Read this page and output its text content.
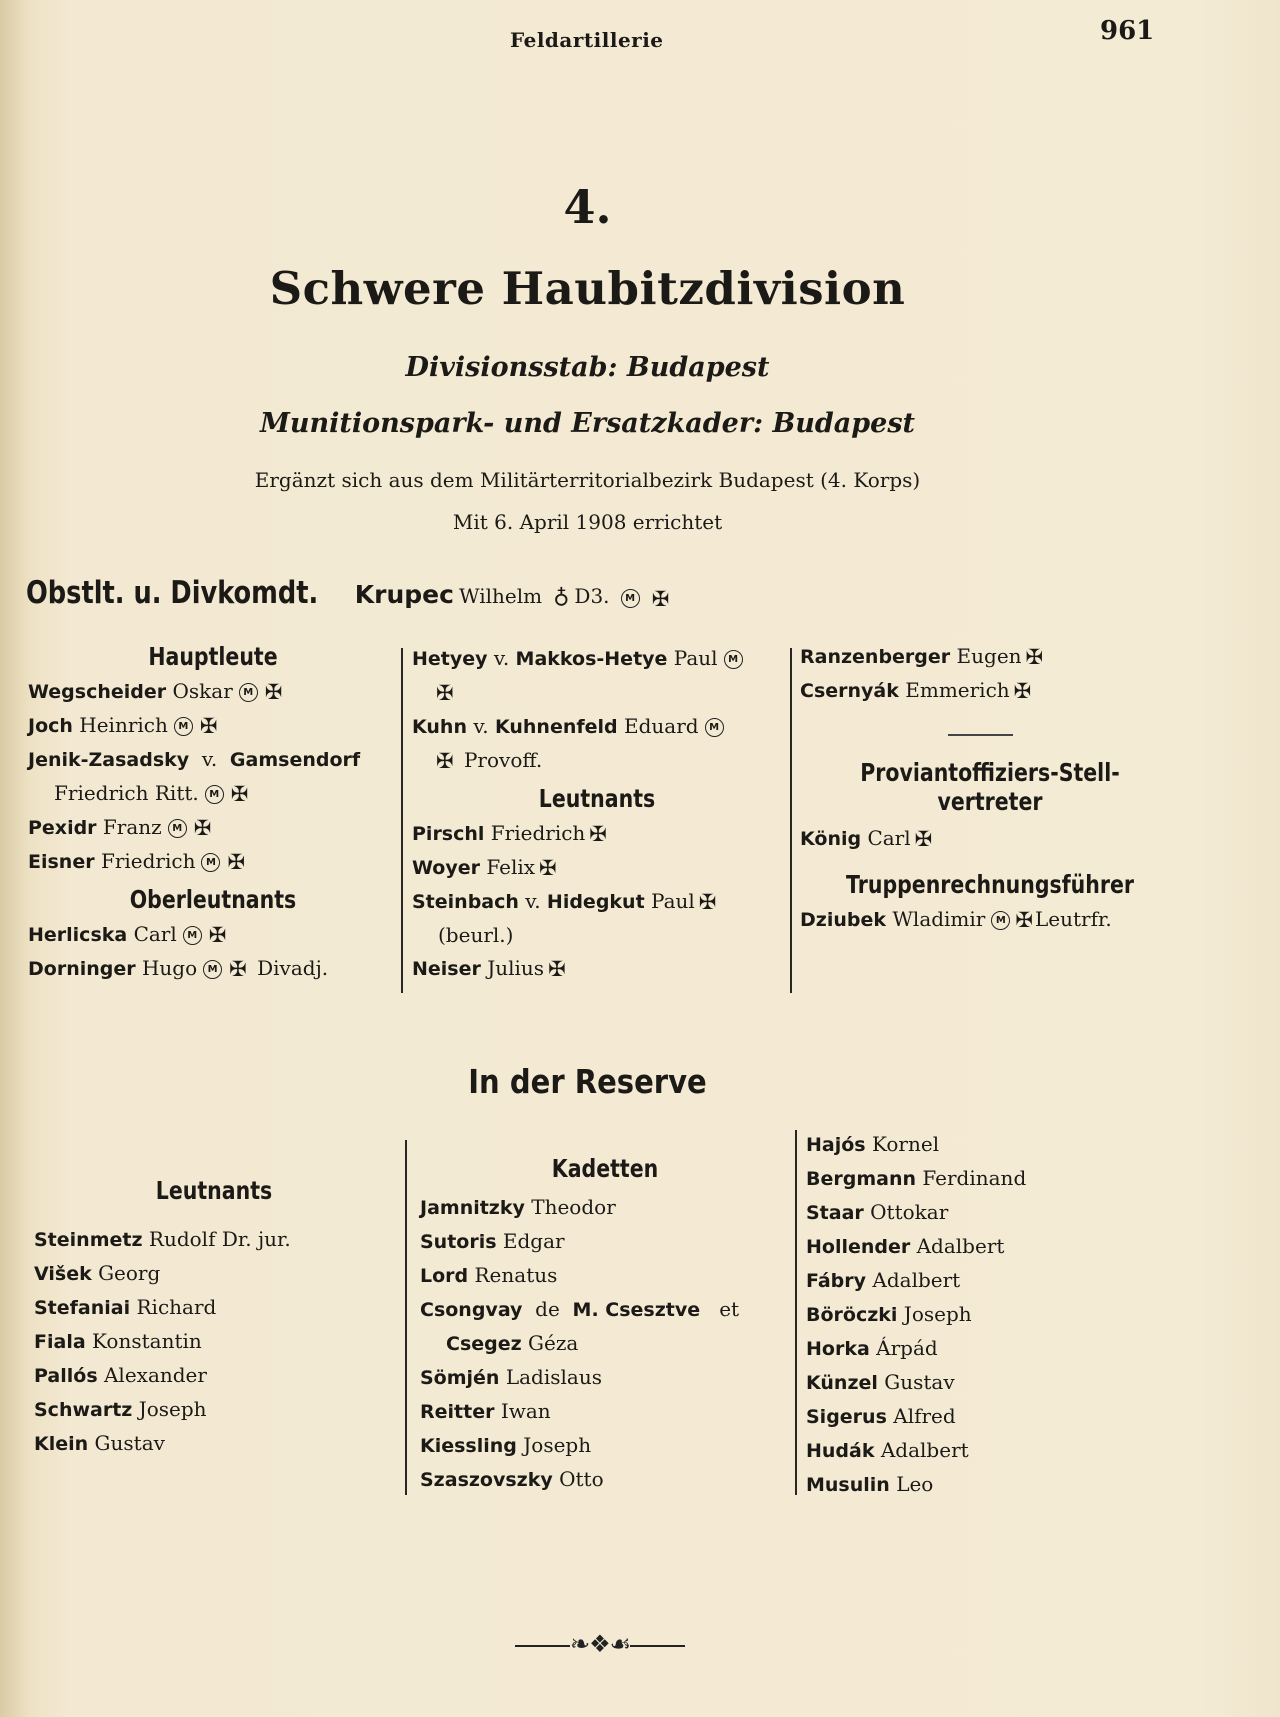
Feldartillerie	961
4.
Schwere Haubitzdivision
Divisionsstab: Budapest
Munitionspark- und Ersatzkader: Budapest
Ergänzt sich aus dem Militärterritorialbezirk Budapest (4. Korps)
Mit 6. April 1908 errichtet
Obstlt. u. Divkomdt. Krupec Wilhelm ♁ D3. M ✠
Hauptleute
Wegscheider Oskar M ✠
Joch Heinrich M ✠
Jenik-Zasadsky v. Gamsendorf
Friedrich Ritt. M ✠
Pexidr Franz M ✠
Eisner Friedrich M ✠
Oberleutnants
Herlicska Carl M ✠
Dorninger Hugo M ✠ Divadj.
Hetyey v. Makkos-Hetye Paul M
✠
Kuhn v. Kuhnenfeld Eduard M
✠ Provoff.
Leutnants
Pirschl Friedrich ✠
Woyer Felix ✠
Steinbach v. Hidegkut Paul ✠
(beurl.)
Neiser Julius ✠
Ranzenberger Eugen ✠
Csernyák Emmerich ✠
Proviantoffiziers-Stell-
vertreter
König Carl ✠
Truppenrechnungsführer
Dziubek Wladimir M ✠ Leutrfr.
In der Reserve
Leutnants
Steinmetz Rudolf Dr. jur.
Višek Georg
Stefaniai Richard
Fiala Konstantin
Pallós Alexander
Schwartz Joseph
Klein Gustav
Kadetten
Jamnitzky Theodor
Sutoris Edgar
Lord Renatus
Csongvay de M. Csesztve et
Csegez Géza
Sömjén Ladislaus
Reitter Iwan
Kiessling Joseph
Szaszovszky Otto
Hajós Kornel
Bergmann Ferdinand
Staar Ottokar
Hollender Adalbert
Fábry Adalbert
Böröczki Joseph
Horka Árpád
Künzel Gustav
Sigerus Alfred
Hudák Adalbert
Musulin Leo
❧❖☙
